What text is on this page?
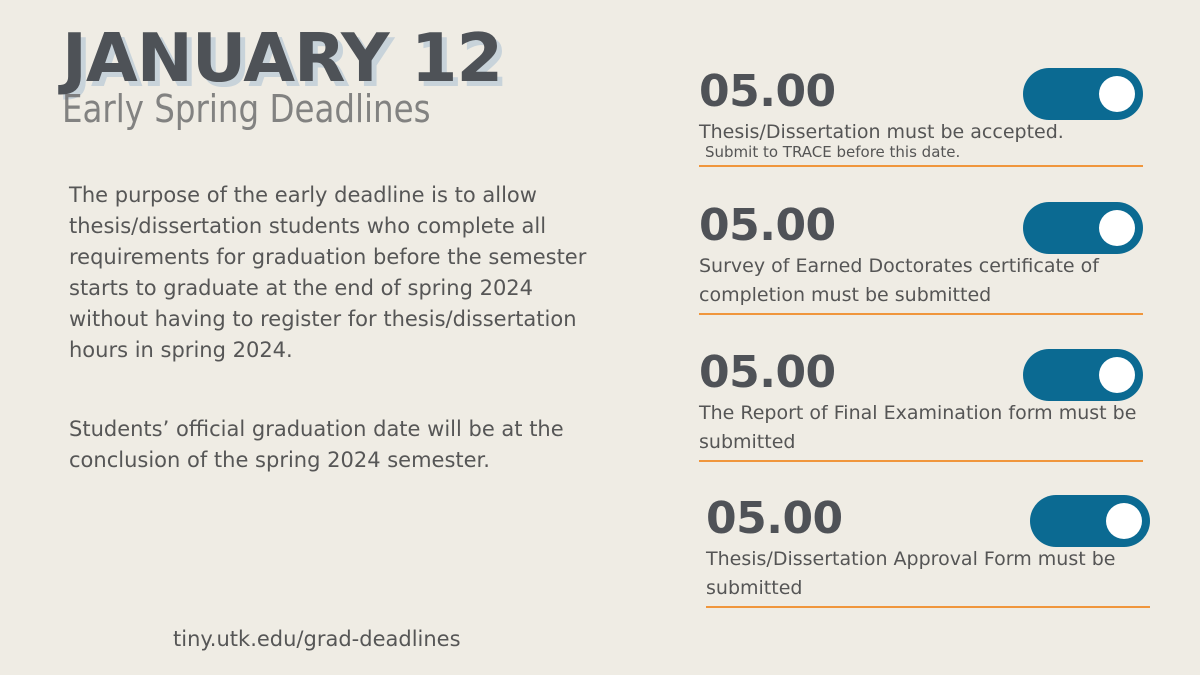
JANUARY 12
Early Spring Deadlines

The purpose of the early deadline is to allow thesis/dissertation students who complete all requirements for graduation before the semester starts to graduate at the end of spring 2024 without having to register for thesis/dissertation hours in spring 2024.

Students’ official graduation date will be at the conclusion of the spring 2024 semester.

tiny.utk.edu/grad-deadlines
05.00
Thesis/Dissertation must be accepted.
Submit to TRACE before this date.
05.00
Survey of Earned Doctorates certificate of completion must be submitted
05.00
The Report of Final Examination form must be submitted
05.00
Thesis/Dissertation Approval Form must be submitted
